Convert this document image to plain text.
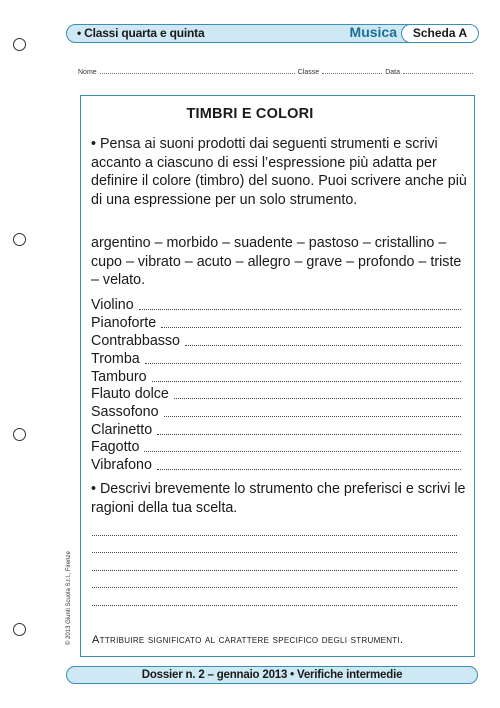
• Classi quarta e quinta	Musica	Scheda A
Nome	Classe	Data
TIMBRI E COLORI
• Pensa ai suoni prodotti dai seguenti strumenti e scrivi accanto a ciascuno di essi l’espressione più adatta per definire il colore (timbro) del suono. Puoi scrivere anche più di una espressione per un solo strumento.
argentino – morbido – suadente – pastoso – cristallino – cupo – vibrato – acuto – allegro – grave – profondo – triste – velato.
Violino
Pianoforte
Contrabbasso
Tromba
Tamburo
Flauto dolce
Sassofono
Clarinetto
Fagotto
Vibrafono
• Descrivi brevemente lo strumento che preferisci e scrivi le ragioni della tua scelta.
Attribuire significato al carattere specifico degli strumenti.
© 2013 Giunti Scuola S.r.l., Firenze
Dossier n. 2 – gennaio 2013 • Verifiche intermedie
